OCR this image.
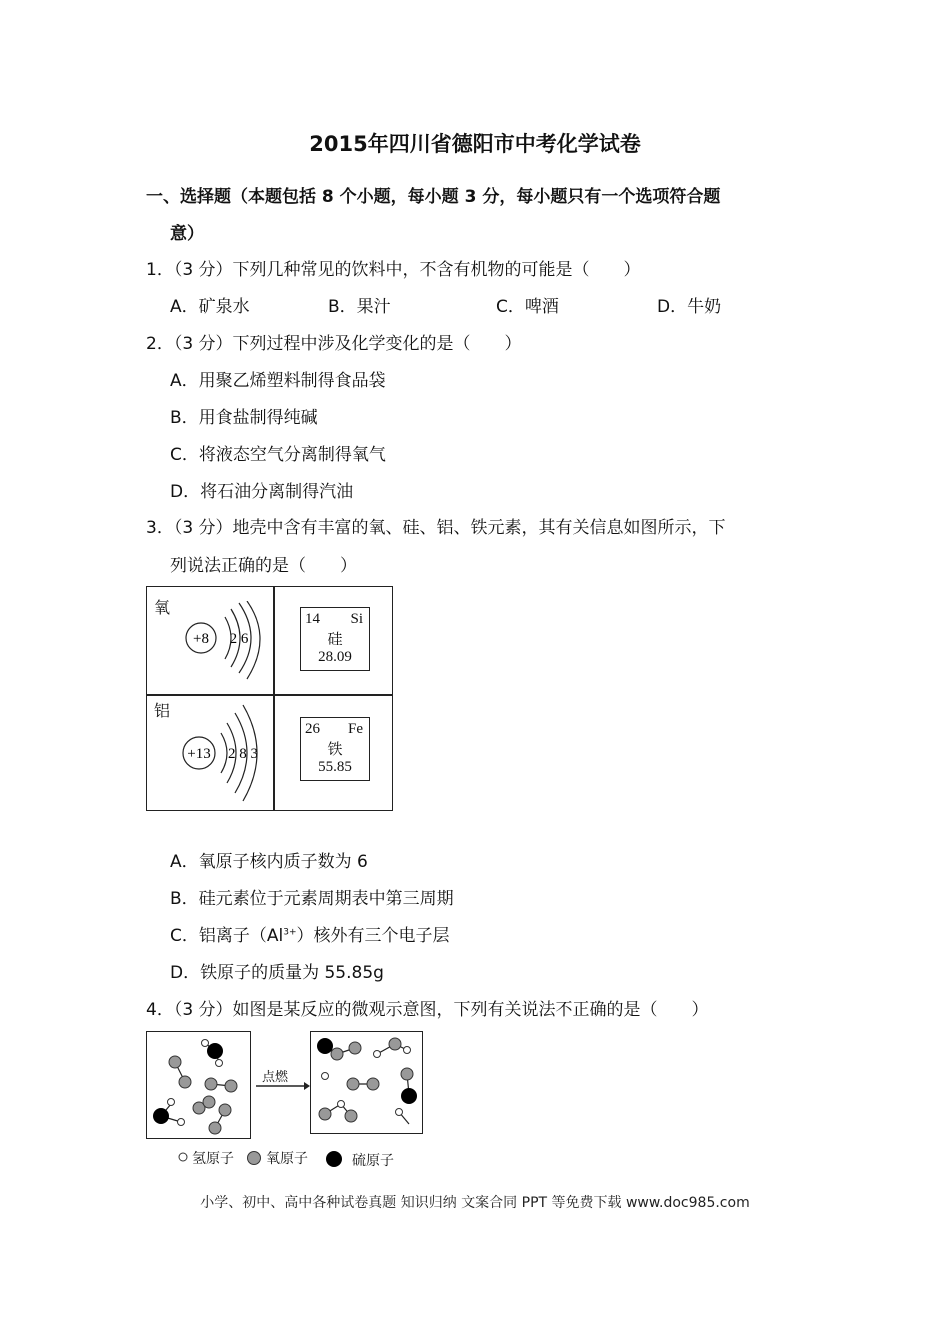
2015年四川省德阳市中考化学试卷
一、选择题（本题包括 8 个小题，每小题 3 分，每小题只有一个选项符合题
意）
1．（3 分）下列几种常见的饮料中，不含有机物的可能是（　　）
A．矿泉水	B．果汁	C．啤酒	D．牛奶
2．（3 分）下列过程中涉及化学变化的是（　　）
A．用聚乙烯塑料制得食品袋
B．用食盐制得纯碱
C．将液态空气分离制得氧气
D．将石油分离制得汽油
3．（3 分）地壳中含有丰富的氧、硅、铝、铁元素，其有关信息如图所示，下
列说法正确的是（　　）
氧
+8 2 6
14 Si
硅
28.09
铝
+13 2 8 3
26 Fe
铁
55.85
A．氧原子核内质子数为 6
B．硅元素位于元素周期表中第三周期
C．铝离子$(Al^{3+})$核外有三个电子层
D．铁原子的质量为 55.85g
4．（3 分）如图是某反应的微观示意图，下列有关说法不正确的是（　　）
点燃
氢原子 氧原子	硫原子
小学、初中、高中各种试卷真题 知识归纳 文案合同 PPT 等免费下载 www.doc985.com
